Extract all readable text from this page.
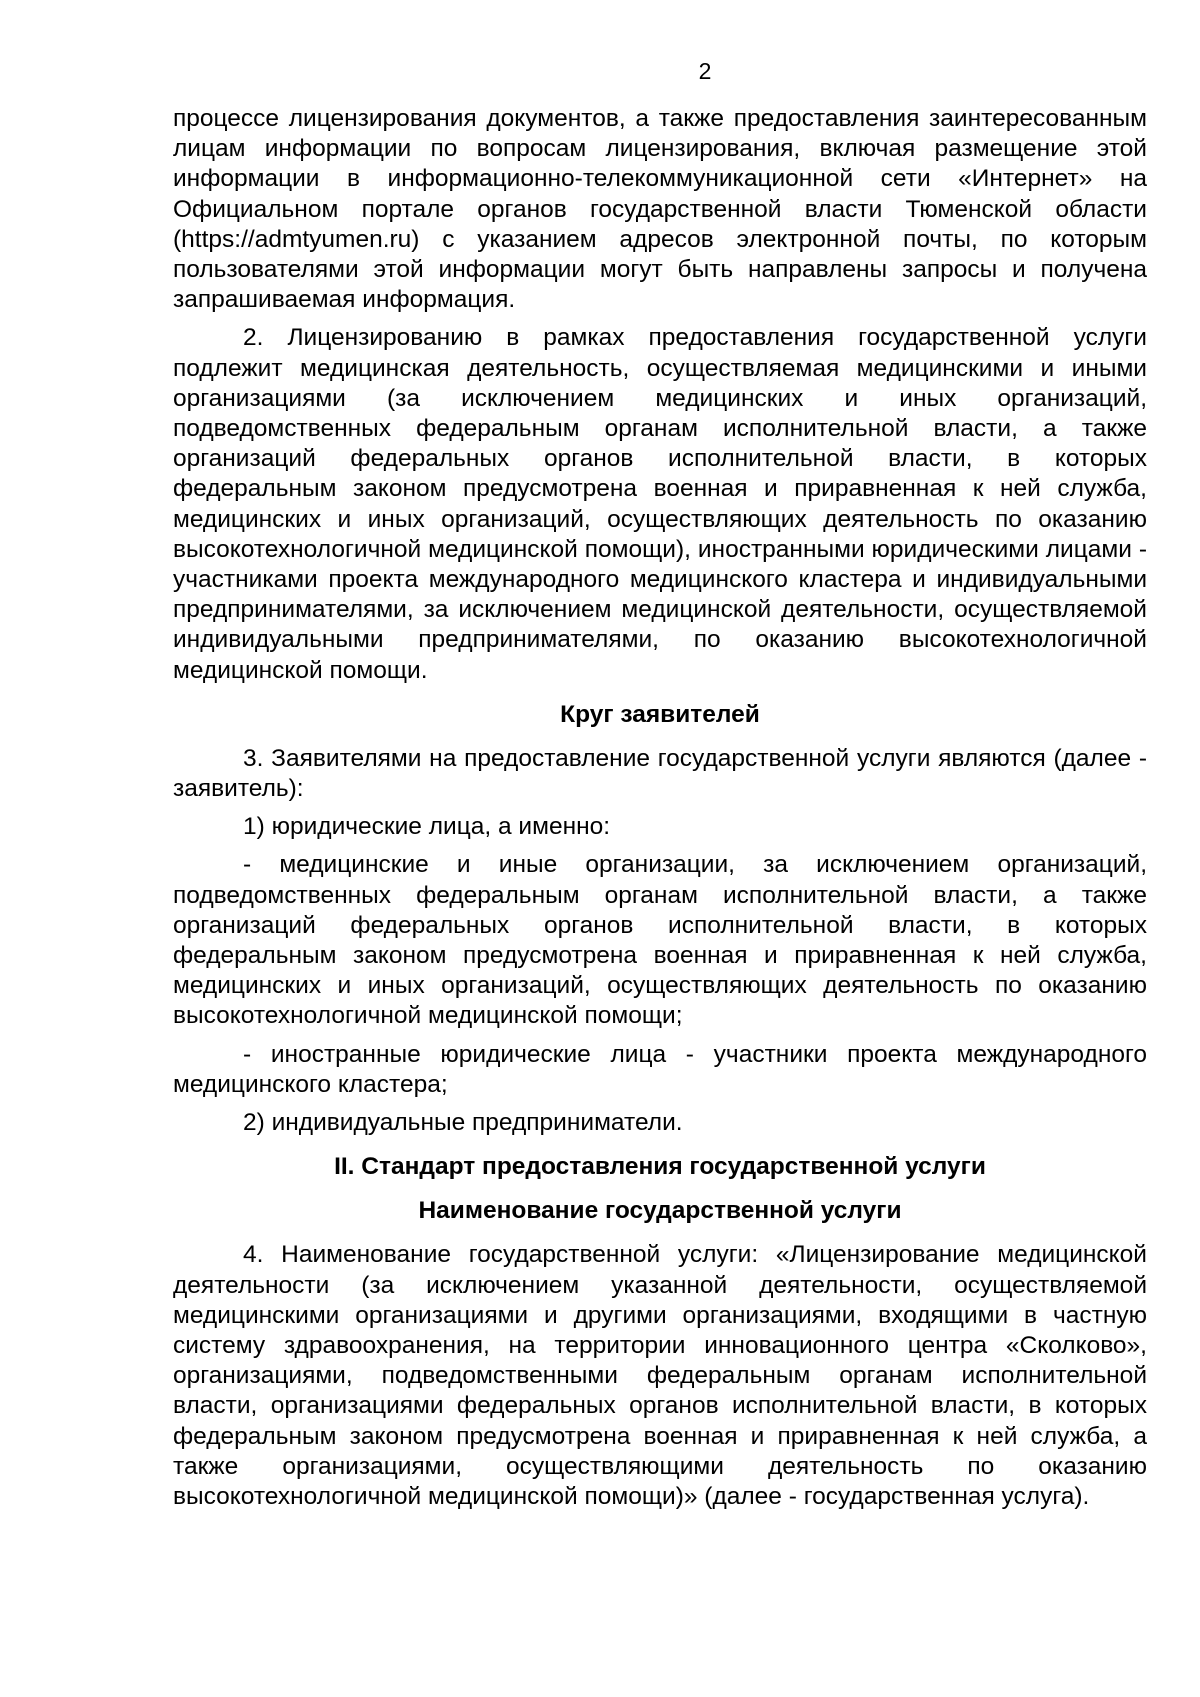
2

процессе лицензирования документов, а также предоставления заинтересованным лицам информации по вопросам лицензирования, включая размещение этой информации в информационно-телекоммуникационной сети «Интернет» на Официальном портале органов государственной власти Тюменской области (https://admtyumen.ru) с указанием адресов электронной почты, по которым пользователями этой информации могут быть направлены запросы и получена запрашиваемая информация.

2. Лицензированию в рамках предоставления государственной услуги подлежит медицинская деятельность, осуществляемая медицинскими и иными организациями (за исключением медицинских и иных организаций, подведомственных федеральным органам исполнительной власти, а также организаций федеральных органов исполнительной власти, в которых федеральным законом предусмотрена военная и приравненная к ней служба, медицинских и иных организаций, осуществляющих деятельность по оказанию высокотехнологичной медицинской помощи), иностранными юридическими лицами - участниками проекта международного медицинского кластера и индивидуальными предпринимателями, за исключением медицинской деятельности, осуществляемой индивидуальными предпринимателями, по оказанию высокотехнологичной медицинской помощи.

Круг заявителей

3. Заявителями на предоставление государственной услуги являются (далее - заявитель):

1) юридические лица, а именно:

- медицинские и иные организации, за исключением организаций, подведомственных федеральным органам исполнительной власти, а также организаций федеральных органов исполнительной власти, в которых федеральным законом предусмотрена военная и приравненная к ней служба, медицинских и иных организаций, осуществляющих деятельность по оказанию высокотехнологичной медицинской помощи;

- иностранные юридические лица - участники проекта международного медицинского кластера;

2) индивидуальные предприниматели.

II. Стандарт предоставления государственной услуги
Наименование государственной услуги

4. Наименование государственной услуги: «Лицензирование медицинской деятельности (за исключением указанной деятельности, осуществляемой медицинскими организациями и другими организациями, входящими в частную систему здравоохранения, на территории инновационного центра «Сколково», организациями, подведомственными федеральным органам исполнительной власти, организациями федеральных органов исполнительной власти, в которых федеральным законом предусмотрена военная и приравненная к ней служба, а также организациями, осуществляющими деятельность по оказанию высокотехнологичной медицинской помощи)» (далее - государственная услуга).
